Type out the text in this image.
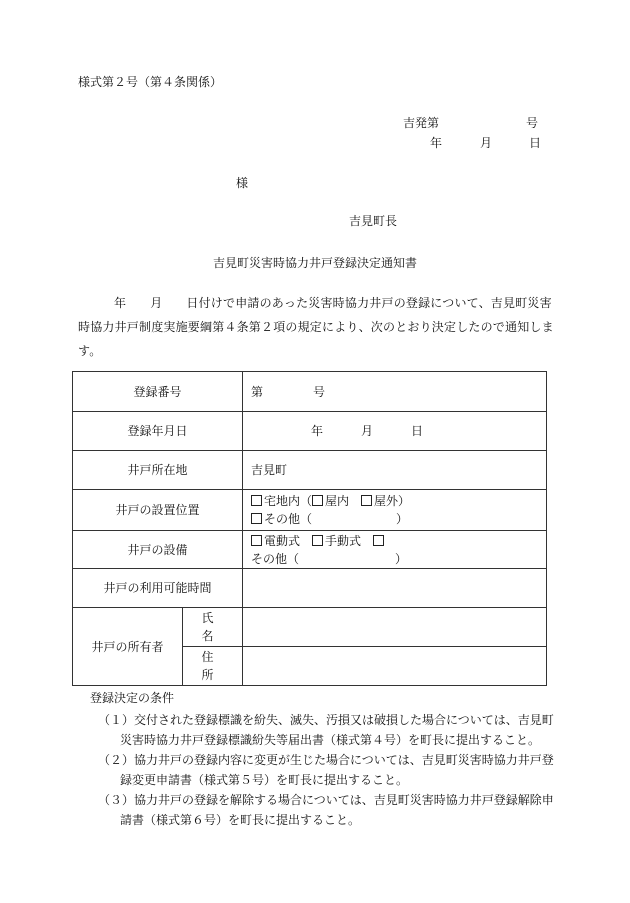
様式第２号（第４条関係）
吉発第	号
年	月	日
様
吉見町長
吉見町災害時協力井戸登録決定通知書
年 月 日付けで申請のあった災害時協力井戸の登録について、吉見町災害時協力井戸制度実施要綱第４条第２項の規定により、次のとおり決定したので通知します。
登録番号		第 号
登録年月日		年 月 日
井戸所在地		吉見町
井戸の設置位置		宅地内（ 屋内　屋外）
その他（　　　　　　　）

井戸の設備		電動式　手動式　その他（　　　　　　　　）
井戸の利用可能時間		
井戸の所有者	氏名	
	住所	
登録決定の条件
（１）交付された登録標識を紛失、滅失、汚損又は破損した場合については、吉見町
災害時協力井戸登録標識紛失等届出書（様式第４号）を町長に提出すること。
（２）協力井戸の登録内容に変更が生じた場合については、吉見町災害時協力井戸登
録変更申請書（様式第５号）を町長に提出すること。
（３）協力井戸の登録を解除する場合については、吉見町災害時協力井戸登録解除申
請書（様式第６号）を町長に提出すること。
